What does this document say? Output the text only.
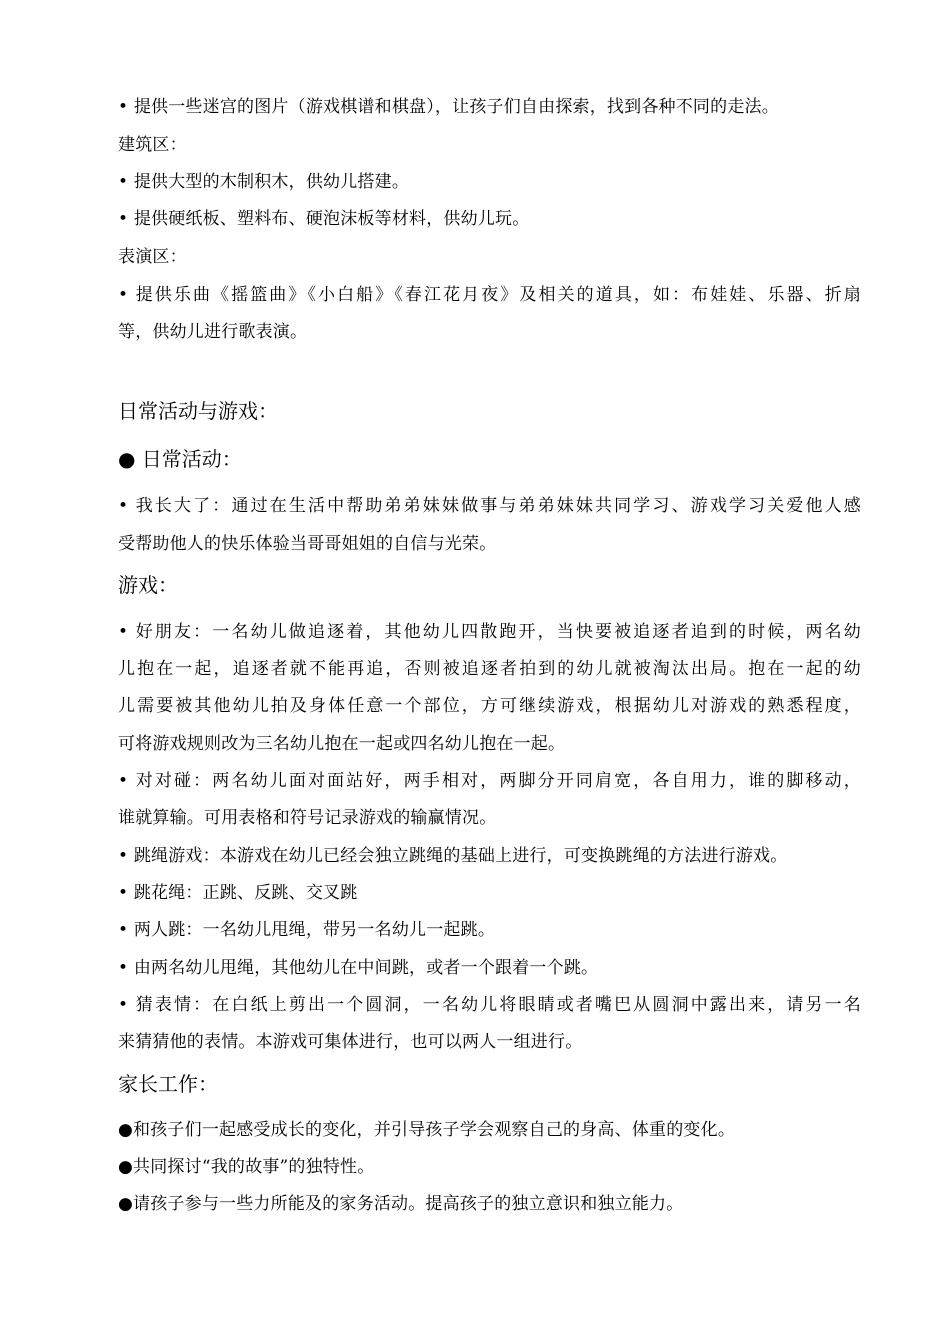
• 提供一些迷宫的图片（游戏棋谱和棋盘），让孩子们自由探索，找到各种不同的走法。
建筑区：
• 提供大型的木制积木，供幼儿搭建。
• 提供硬纸板、塑料布、硬泡沫板等材料，供幼儿玩。
表演区：
• 提供乐曲《摇篮曲》《小白船》《春江花月夜》及相关的道具，如：布娃娃、乐器、折扇
等，供幼儿进行歌表演。
日常活动与游戏：
● 日常活动：
• 我长大了：通过在生活中帮助弟弟妹妹做事与弟弟妹妹共同学习、游戏学习关爱他人感
受帮助他人的快乐体验当哥哥姐姐的自信与光荣。
游戏：
• 好朋友：一名幼儿做追逐着，其他幼儿四散跑开，当快要被追逐者追到的时候，两名幼
儿抱在一起，追逐者就不能再追，否则被追逐者拍到的幼儿就被淘汰出局。抱在一起的幼
儿需要被其他幼儿拍及身体任意一个部位，方可继续游戏，根据幼儿对游戏的熟悉程度，
可将游戏规则改为三名幼儿抱在一起或四名幼儿抱在一起。
• 对对碰：两名幼儿面对面站好，两手相对，两脚分开同肩宽，各自用力，谁的脚移动，
谁就算输。可用表格和符号记录游戏的输赢情况。
• 跳绳游戏：本游戏在幼儿已经会独立跳绳的基础上进行，可变换跳绳的方法进行游戏。
• 跳花绳：正跳、反跳、交叉跳
• 两人跳：一名幼儿甩绳，带另一名幼儿一起跳。
• 由两名幼儿甩绳，其他幼儿在中间跳，或者一个跟着一个跳。
• 猜表情：在白纸上剪出一个圆洞，一名幼儿将眼睛或者嘴巴从圆洞中露出来，请另一名
来猜猜他的表情。本游戏可集体进行，也可以两人一组进行。
家长工作：
●和孩子们一起感受成长的变化，并引导孩子学会观察自己的身高、体重的变化。
●共同探讨“我的故事”的独特性。
●请孩子参与一些力所能及的家务活动。提高孩子的独立意识和独立能力。
